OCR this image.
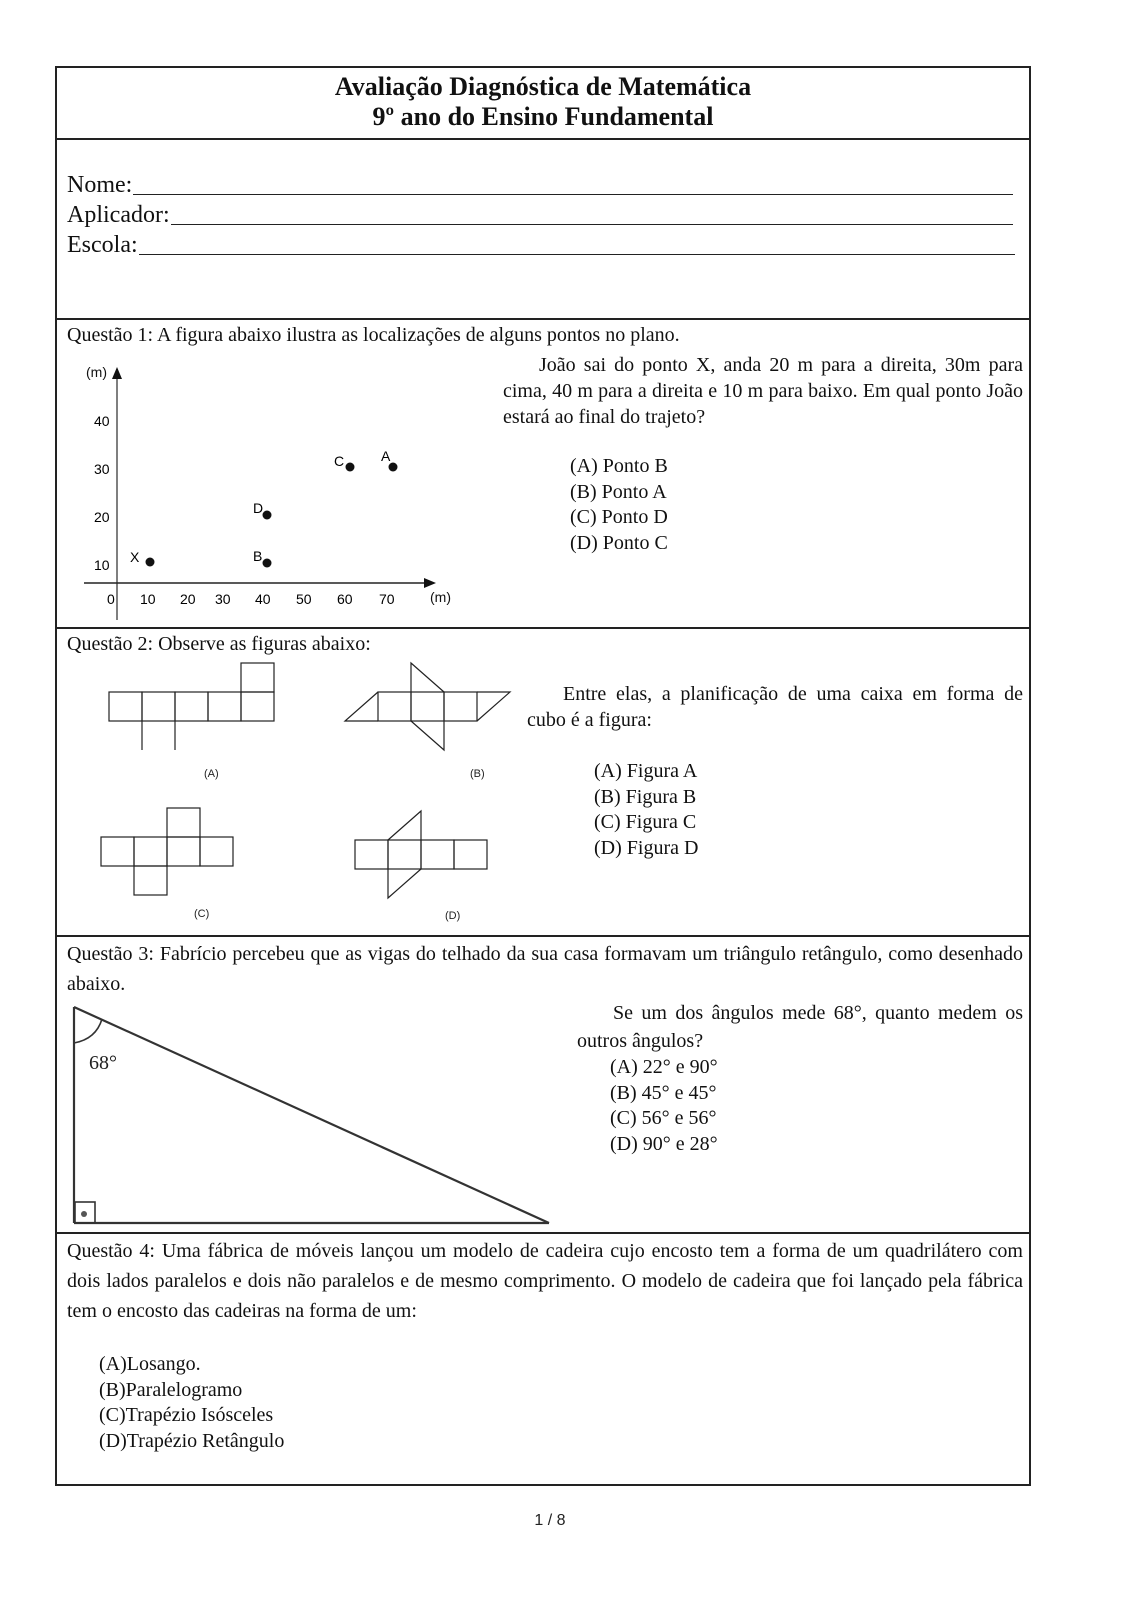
Avaliação Diagnóstica de Matemática
9º ano do Ensino Fundamental
Nome:
Aplicador:
Escola:
Questão 1: A figura abaixo ilustra as localizações de alguns pontos no plano.
(m)
(m)
40
30
20
10
0 10 20 30 40 50 60 70
X	B
D
C	A
João sai do ponto X, anda 20 m para a direita, 30m para cima, 40 m para a direita e 10 m para baixo. Em qual ponto João estará ao final do trajeto?
(A) Ponto B
(B) Ponto A
(C) Ponto D
(D) Ponto C
Questão 2: Observe as figuras abaixo:
(A)	(B)
(C)	(D)
Entre elas, a planificação de uma caixa em forma de cubo é a figura:
(A) Figura A
(B) Figura B
(C) Figura C
(D) Figura D
Questão 3: Fabrício percebeu que as vigas do telhado da sua casa formavam um triângulo retângulo, como desenhado abaixo.
68°
Se um dos ângulos mede 68°, quanto medem os outros ângulos?
(A) 22° e 90°
(B) 45° e 45°
(C) 56° e 56°
(D) 90° e 28°
Questão 4: Uma fábrica de móveis lançou um modelo de cadeira cujo encosto tem a forma de um quadrilátero com dois lados paralelos e dois não paralelos e de mesmo comprimento. O modelo de cadeira que foi lançado pela fábrica tem o encosto das cadeiras na forma de um:
(A)Losango.
(B)Paralelogramo
(C)Trapézio Isósceles
(D)Trapézio Retângulo
1 / 8
